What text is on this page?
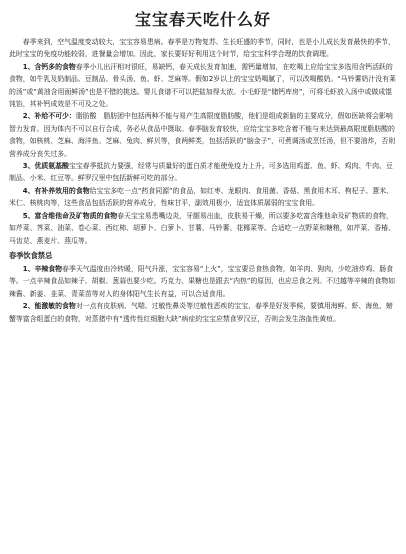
宝宝春天吃什么好

春季来到，空气温度变动较大，宝宝容易患病。春季是万物复苏、生长旺盛的季节，同时，也是小儿成长发育最快的季节，此时宝宝的免疫功能较弱，进餐量会增加。因此，家长要好好利用这个时节，给宝宝科学合理的饮食调理。

1、含钙多的食物春季小儿出汗相对很旺，易缺钙，春天成长发育加速，需钙量增加，在吃喝上应给宝宝多选用含钙活跃的食物，如牛乳及奶制品、豆制品、骨头汤、鱼、虾、芝麻等。假如2岁以上的宝宝奶喝腻了，可以改喝酸奶。“马铃薯奶汁没有莱的汤”或“黄油含用面鲜汤”也是不错的挑选。婴儿食谱不可以把盐加得太浓。小毛虾是“储钙库房”，可将毛虾放入汤中或做成馄饨馅，其补钙成效是不可及之处。

2、补给不可少：脂肪酸　脂肪团中包括两种不能与易产生高限度脂肪酸，他们是组成新脑的主要成分，假如医缺将会影响智力发育。因为体内不可以自行合成，务必从食品中摄取。春季脑发育较快，应给宝宝多吃含着不能与来达到最高限度脂肪酸的食物，如核桃、芝麻、海洋鱼、芝麻、兔肉、鲜贝等，食两鲜类，包括活跃的“脑金子”，可煮调汤或烹饪汤，但不要油炸，否则营养成分丧失过多。

3、优质氨基酸宝宝春季抵抗力要强，经常与质量好的蛋白质才能使免疫力上升。可多选用鸡蛋、鱼、虾、鸡肉、牛肉、豆制品、小米、红豆等。鲜罗汉里中包括新鲜可吃的部分。

4、有补养效用的食物给宝宝多吃一点“药食同源”的食品，如红枣、龙眼肉、食用菌、香菇、黑食用木耳、枸杞子、薏米、米仁、核桃肉等，这些食品包括活跃的营养成分，性味甘平，副效用极小，适宜体质孱弱的宝宝食用。

5、富含维他命及矿物质的食物春天宝宝易患嘴边炎，牙龈易出血，皮肤易干燥，所以要多吃富含维他命及矿物质的食物，如芹菜、荠菜、油菜、卷心菜、西红柿、胡萝卜、白萝卜、甘薯、马铃薯、花椰菜等。合适吃一点野菜和糖粮，如芹菜、香椿、马齿苋、燕麦片、燕瓜等。

春季饮食禁忌

1、辛辣食物春季天气温度由冷转暖，阳气升涨，宝宝容易“上火”，宝宝要忌食热食物，如羊肉、狗肉，少吃油炸鸡、肠食等。一点辛辣食品如辣子、胡椒、葱蒜也要少吃。巧克力、果糖也是跟去“内热”的原因，也应忌食之列。不过越等辛辣的食物如辣酱、新姜、韭菜、青菜苗等对人的身体阳气生长有益，可以合适食用。

2、能激敏的食物对一点有皮肤病、气喘、过敏性鼻炎等过敏性恶疾的宝宝，春季是好发季候，要慎用海鲜、虾、海鱼、螃蟹等富含组蛋白的食物，对蒸猪中有“透传性红细胞大缺”病症的宝宝应禁食罗汉豆，否则会发生溶血性黄疸。
